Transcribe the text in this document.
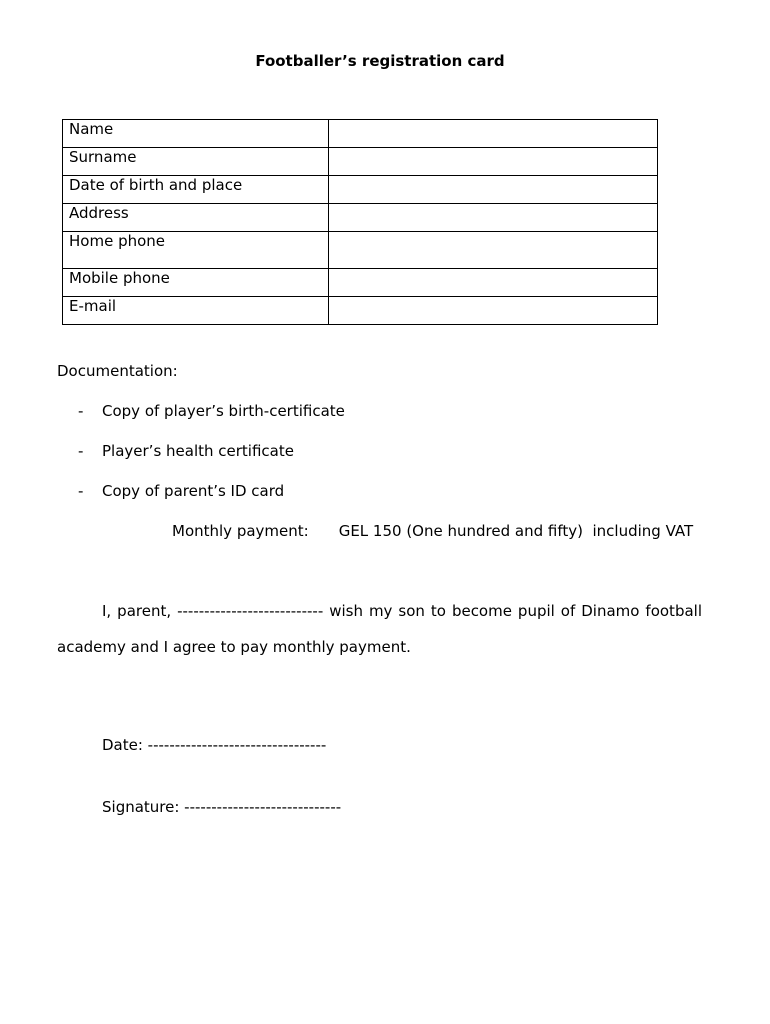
Footballer’s registration card
Name	
Surname	
Date of birth and place	
Address	
Home phone	
Mobile phone	
E-mail	
Documentation:
- Copy of player’s birth-certificate
- Player’s health certificate
- Copy of parent’s ID card
Monthly payment: GEL 150 (One hundred and fifty)  including VAT
I, parent, --------------------------- wish my son to become pupil of Dinamo football
academy and I agree to pay monthly payment.
Date: ---------------------------------
Signature: -----------------------------
